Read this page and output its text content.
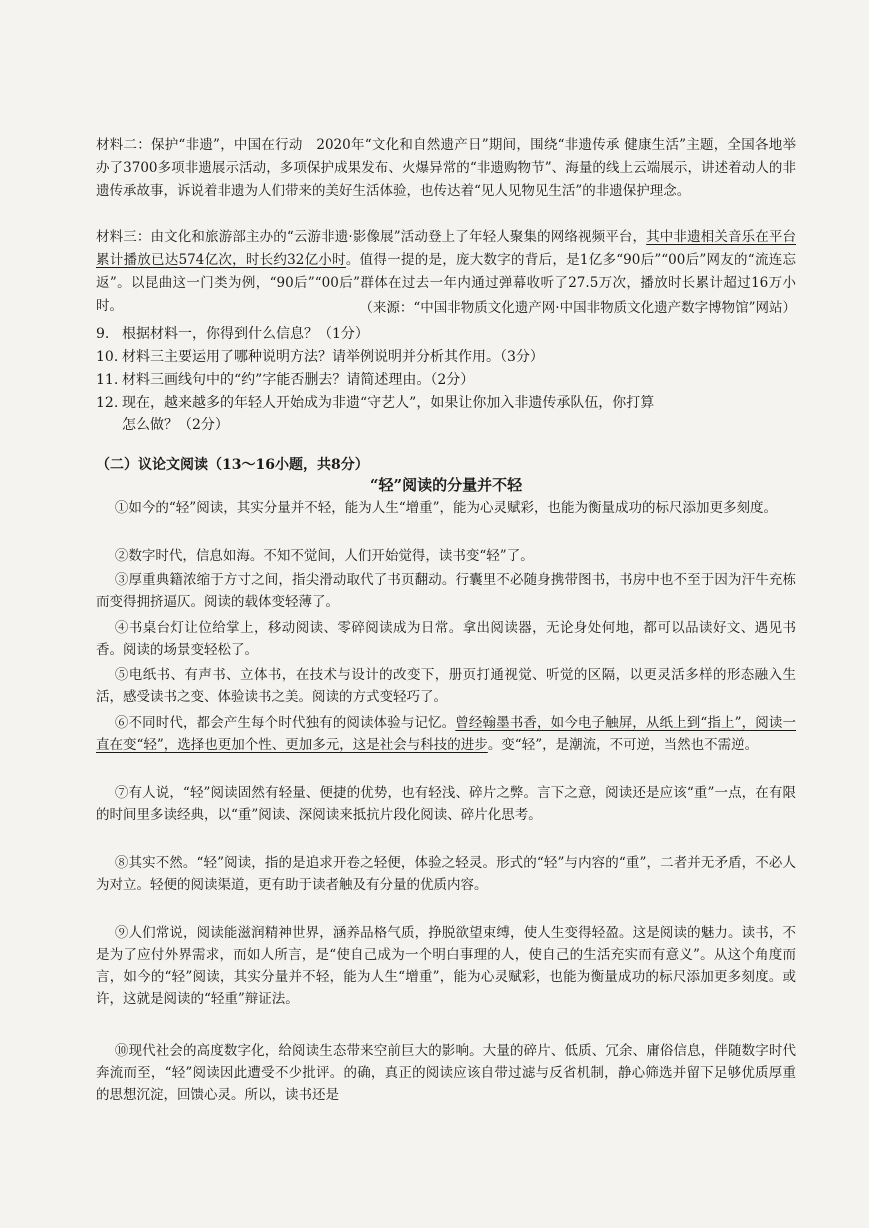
材料二：保护“非遗”，中国在行动　2020年“文化和自然遗产日”期间，围绕“非遗传承 健康生活”主题，全国各地举办了3700多项非遗展示活动，多项保护成果发布、火爆异常的“非遗购物节”、海量的线上云端展示，讲述着动人的非遗传承故事，诉说着非遗为人们带来的美好生活体验，也传达着“见人见物见生活”的非遗保护理念。

材料三：由文化和旅游部主办的“云游非遗·影像展”活动登上了年轻人聚集的网络视频平台，其中非遗相关音乐在平台累计播放已达574亿次，时长约32亿小时。值得一提的是，庞大数字的背后，是1亿多“90后”“00后”网友的“流连忘返”。以昆曲这一门类为例，“90后”“00后”群体在过去一年内通过弹幕收听了27.5万次，播放时长累计超过16万小时。	（来源：“中国非物质文化遗产网·中国非物质文化遗产数字博物馆”网站）

9. 根据材料一，你得到什么信息？（1分）
10. 材料三主要运用了哪种说明方法？请举例说明并分析其作用。（3分）
11. 材料三画线句中的“约”字能否删去？请简述理由。（2分）
12. 现在，越来越多的年轻人开始成为非遗“守艺人”，如果让你加入非遗传承队伍，你打算
怎么做？（2分）
（二）议论文阅读（13～16小题，共8分）
“轻”阅读的分量并不轻
①如今的“轻”阅读，其实分量并不轻，能为人生“增重”，能为心灵赋彩，也能为衡量成功的标尺添加更多刻度。
②数字时代，信息如海。不知不觉间，人们开始觉得，读书变“轻”了。
③厚重典籍浓缩于方寸之间，指尖滑动取代了书页翻动。行囊里不必随身携带图书，书房中也不至于因为汗牛充栋而变得拥挤逼仄。阅读的载体变轻薄了。
④书桌台灯让位给掌上，移动阅读、零碎阅读成为日常。拿出阅读器，无论身处何地，都可以品读好文、遇见书香。阅读的场景变轻松了。
⑤电纸书、有声书、立体书，在技术与设计的改变下，册页打通视觉、听觉的区隔，以更灵活多样的形态融入生活，感受读书之变、体验读书之美。阅读的方式变轻巧了。
⑥不同时代，都会产生每个时代独有的阅读体验与记忆。曾经翰墨书香，如今电子触屏，从纸上到“指上”，阅读一直在变“轻”，选择也更加个性、更加多元，这是社会与科技的进步。变“轻”，是潮流，不可逆，当然也不需逆。
⑦有人说，“轻”阅读固然有轻量、便捷的优势，也有轻浅、碎片之弊。言下之意，阅读还是应该“重”一点，在有限的时间里多读经典，以“重”阅读、深阅读来抵抗片段化阅读、碎片化思考。
⑧其实不然。“轻”阅读，指的是追求开卷之轻便，体验之轻灵。形式的“轻”与内容的“重”，二者并无矛盾，不必人为对立。轻便的阅读渠道，更有助于读者触及有分量的优质内容。
⑨人们常说，阅读能滋润精神世界，涵养品格气质，挣脱欲望束缚，使人生变得轻盈。这是阅读的魅力。读书，不是为了应付外界需求，而如人所言，是“使自己成为一个明白事理的人，使自己的生活充实而有意义”。从这个角度而言，如今的“轻”阅读，其实分量并不轻，能为人生“增重”，能为心灵赋彩，也能为衡量成功的标尺添加更多刻度。或许，这就是阅读的“轻重”辩证法。
⑩现代社会的高度数字化，给阅读生态带来空前巨大的影响。大量的碎片、低质、冗余、庸俗信息，伴随数字时代奔流而至，“轻”阅读因此遭受不少批评。的确，真正的阅读应该自带过滤与反省机制，静心筛选并留下足够优质厚重的思想沉淀，回馈心灵。所以，读书还是
